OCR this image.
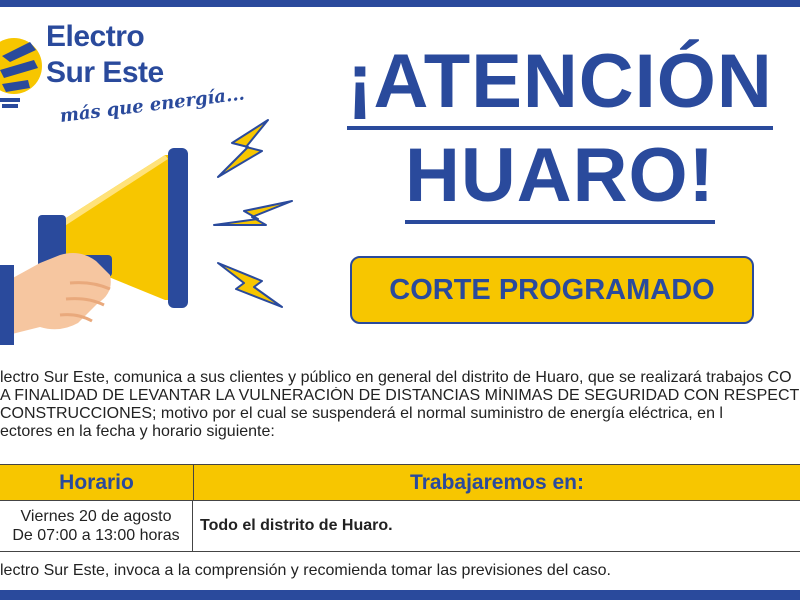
Electro
Sur Este
más que energía... ¡ATENCIÓN
HUARO!
CORTE PROGRAMADO
lectro Sur Este, comunica a sus clientes y público en general del distrito de Huaro, que se realizará trabajos CO
A FINALIDAD DE LEVANTAR LA VULNERACIÓN DE DISTANCIAS MÍNIMAS DE SEGURIDAD CON RESPECT
CONSTRUCCIONES; motivo por el cual se suspenderá el normal suministro de energía eléctrica, en l
ectores en la fecha y horario siguiente:
Horario	Trabajaremos en:
Viernes 20 de agosto
De 07:00 a 13:00 horas
Todo el distrito de Huaro.
lectro Sur Este, invoca a la comprensión y recomienda tomar las previsiones del caso.
